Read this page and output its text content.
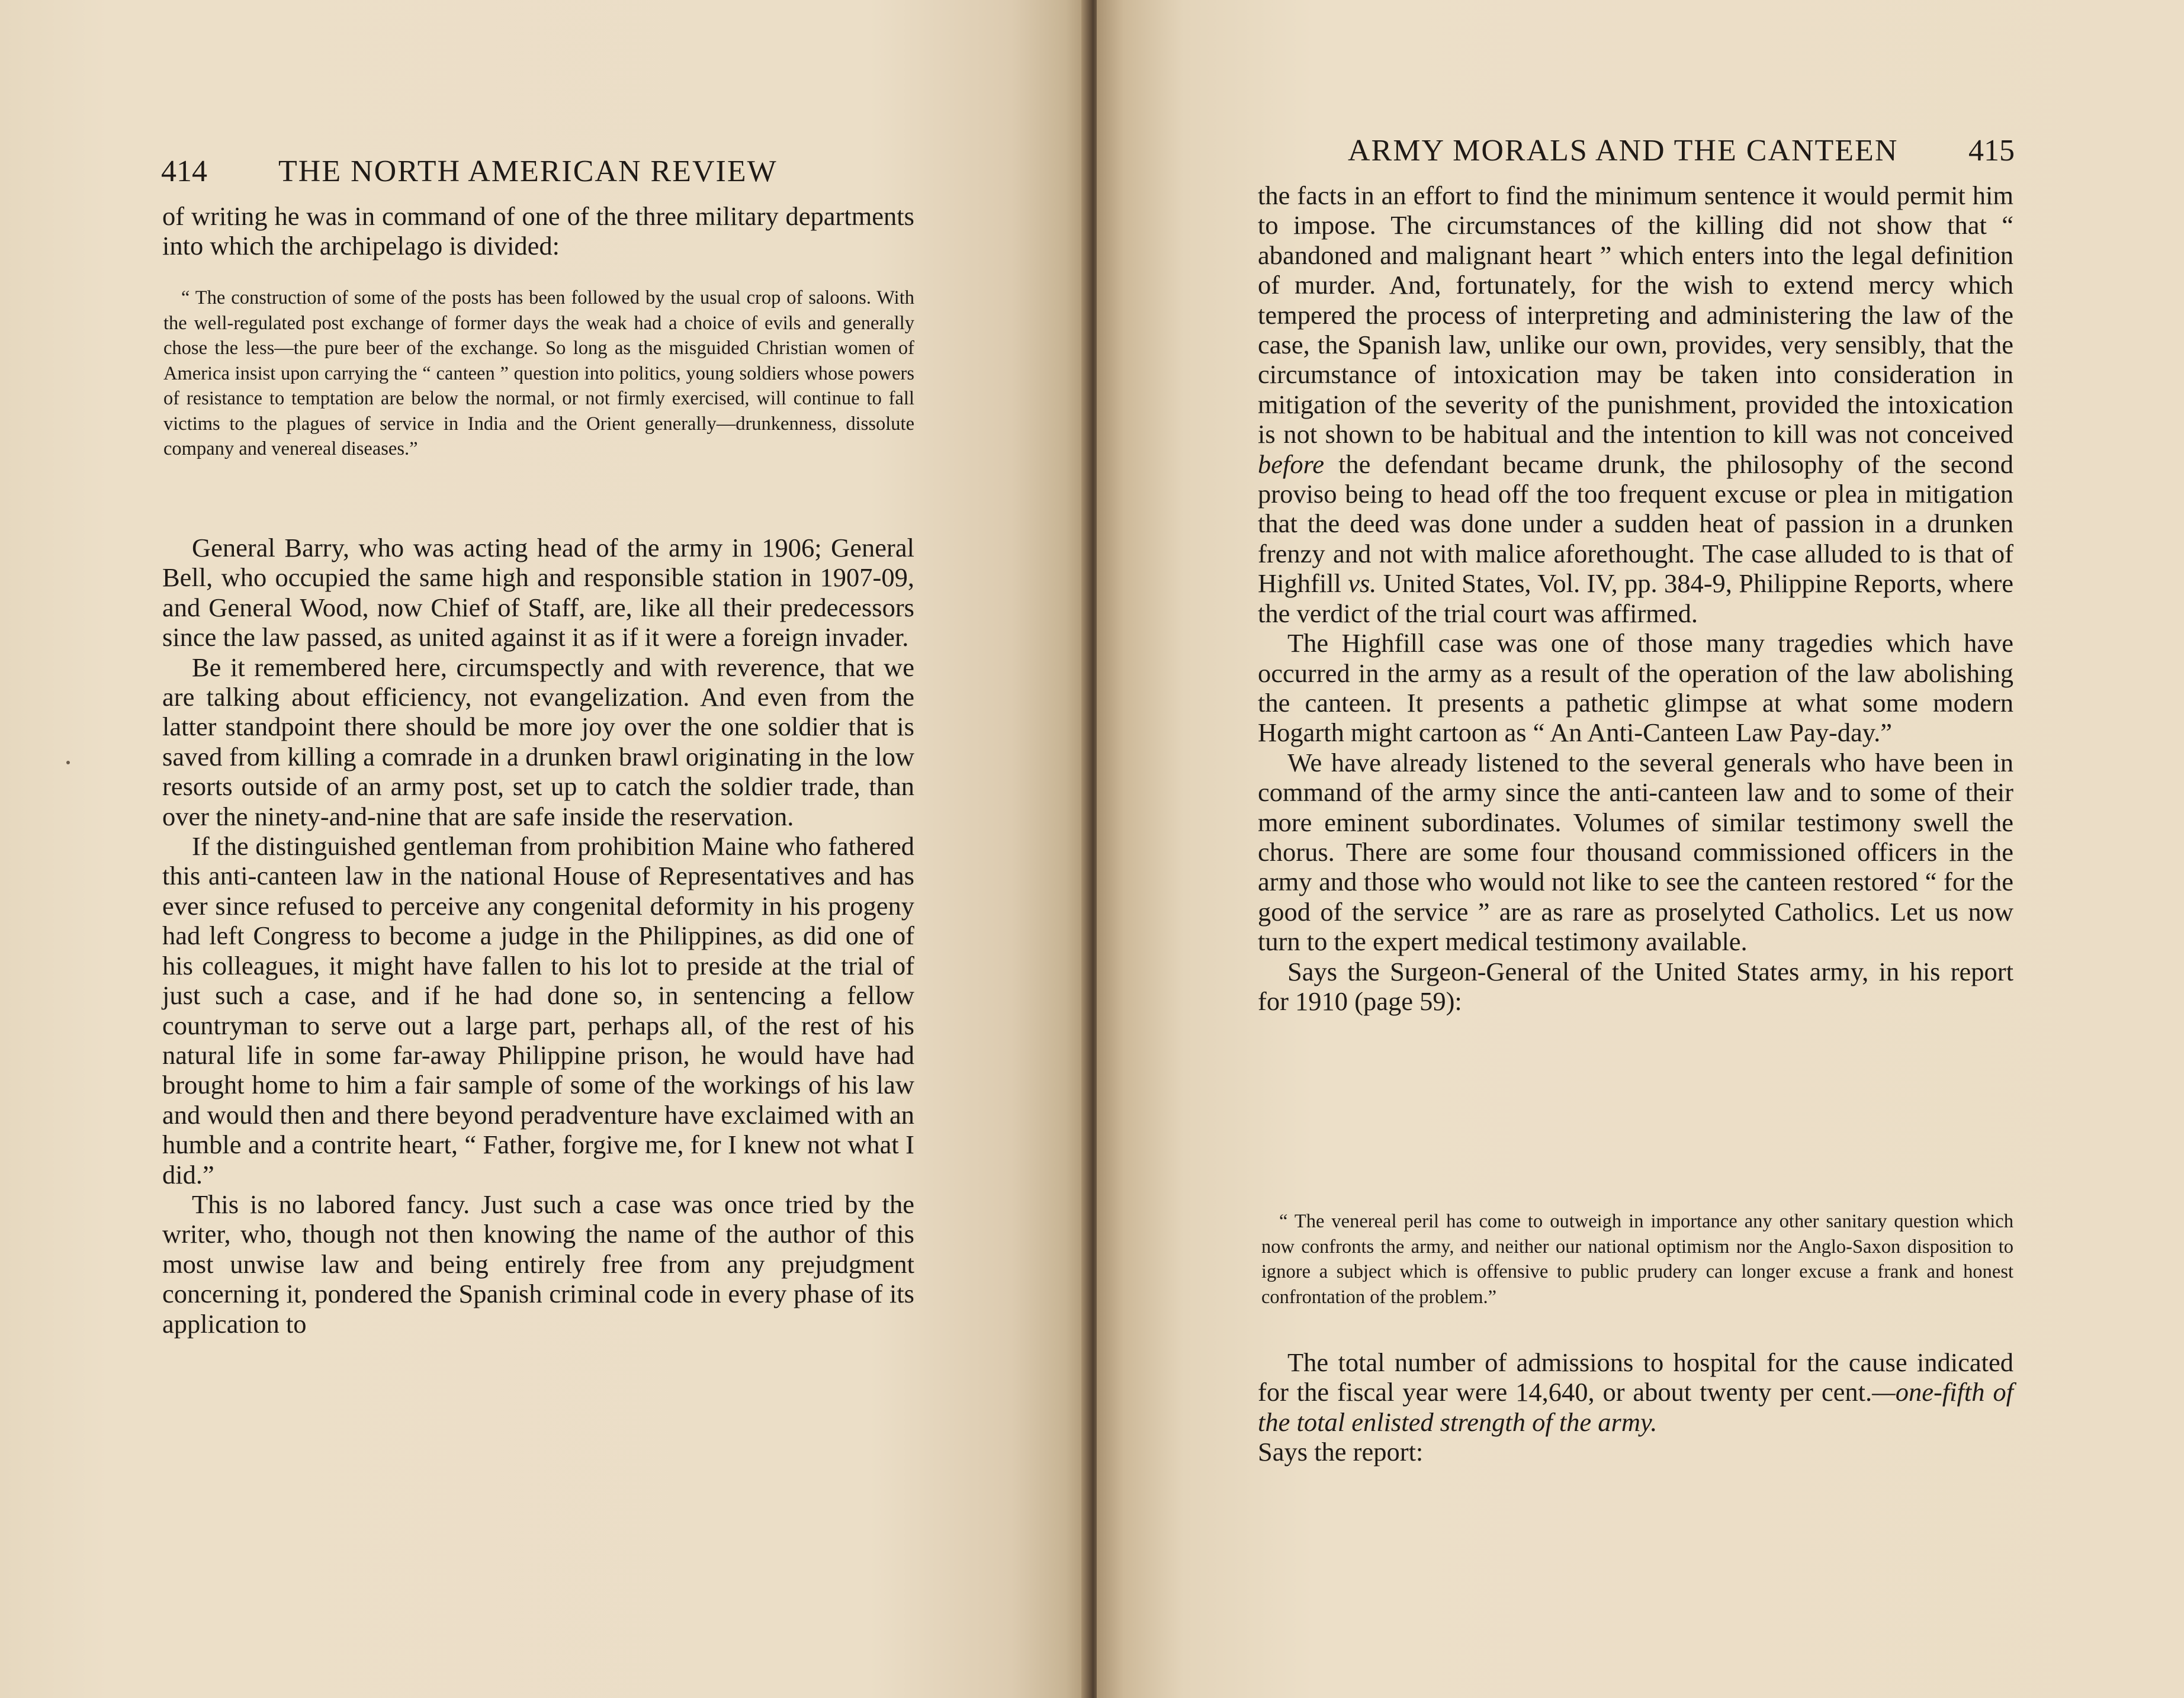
414 THE NORTH AMERICAN REVIEW

of writing he was in command of one of the three military departments into which the archipelago is divided:

“ The construction of some of the posts has been followed by the usual crop of saloons. With the well-regulated post exchange of former days the weak had a choice of evils and generally chose the less—the pure beer of the exchange. So long as the misguided Christian women of America insist upon carrying the “ canteen ” question into politics, young soldiers whose powers of resistance to temptation are below the normal, or not firmly exercised, will continue to fall victims to the plagues of service in India and the Orient generally—drunkenness, dissolute company and venereal diseases.”

General Barry, who was acting head of the army in 1906; General Bell, who occupied the same high and responsible station in 1907-09, and General Wood, now Chief of Staff, are, like all their predecessors since the law passed, as united against it as if it were a foreign invader.

Be it remembered here, circumspectly and with reverence, that we are talking about efficiency, not evangelization. And even from the latter standpoint there should be more joy over the one soldier that is saved from killing a comrade in a drunken brawl originating in the low resorts outside of an army post, set up to catch the soldier trade, than over the ninety-and-nine that are safe inside the reservation.

If the distinguished gentleman from prohibition Maine who fathered this anti-canteen law in the national House of Representatives and has ever since refused to perceive any congenital deformity in his progeny had left Congress to become a judge in the Philippines, as did one of his colleagues, it might have fallen to his lot to preside at the trial of just such a case, and if he had done so, in sentencing a fellow countryman to serve out a large part, perhaps all, of the rest of his natural life in some far-away Philippine prison, he would have had brought home to him a fair sample of some of the workings of his law and would then and there beyond peradventure have exclaimed with an humble and a contrite heart, “ Father, forgive me, for I knew not what I did.”

This is no labored fancy. Just such a case was once tried by the writer, who, though not then knowing the name of the author of this most unwise law and being entirely free from any prejudgment concerning it, pondered the Spanish criminal code in every phase of its application to

ARMY MORALS AND THE CANTEEN 415

the facts in an effort to find the minimum sentence it would permit him to impose. The circumstances of the killing did not show that “ abandoned and malignant heart ” which enters into the legal definition of murder. And, fortunately, for the wish to extend mercy which tempered the process of interpreting and administering the law of the case, the Spanish law, unlike our own, provides, very sensibly, that the circumstance of intoxication may be taken into consideration in mitigation of the severity of the punishment, provided the intoxication is not shown to be habitual and the intention to kill was not conceived before the defendant became drunk, the philosophy of the second proviso being to head off the too frequent excuse or plea in mitigation that the deed was done under a sudden heat of passion in a drunken frenzy and not with malice aforethought. The case alluded to is that of Highfill vs. United States, Vol. IV, pp. 384-9, Philippine Reports, where the verdict of the trial court was affirmed.

The Highfill case was one of those many tragedies which have occurred in the army as a result of the operation of the law abolishing the canteen. It presents a pathetic glimpse at what some modern Hogarth might cartoon as “ An Anti-Canteen Law Pay-day.”

We have already listened to the several generals who have been in command of the army since the anti-canteen law and to some of their more eminent subordinates. Volumes of similar testimony swell the chorus. There are some four thousand commissioned officers in the army and those who would not like to see the canteen restored “ for the good of the service ” are as rare as proselyted Catholics. Let us now turn to the expert medical testimony available.

Says the Surgeon-General of the United States army, in his report for 1910 (page 59):

“ The venereal peril has come to outweigh in importance any other sanitary question which now confronts the army, and neither our national optimism nor the Anglo-Saxon disposition to ignore a subject which is offensive to public prudery can longer excuse a frank and honest confrontation of the problem.”

The total number of admissions to hospital for the cause indicated for the fiscal year were 14,640, or about twenty per cent.—one-fifth of the total enlisted strength of the army.

Says the report:
